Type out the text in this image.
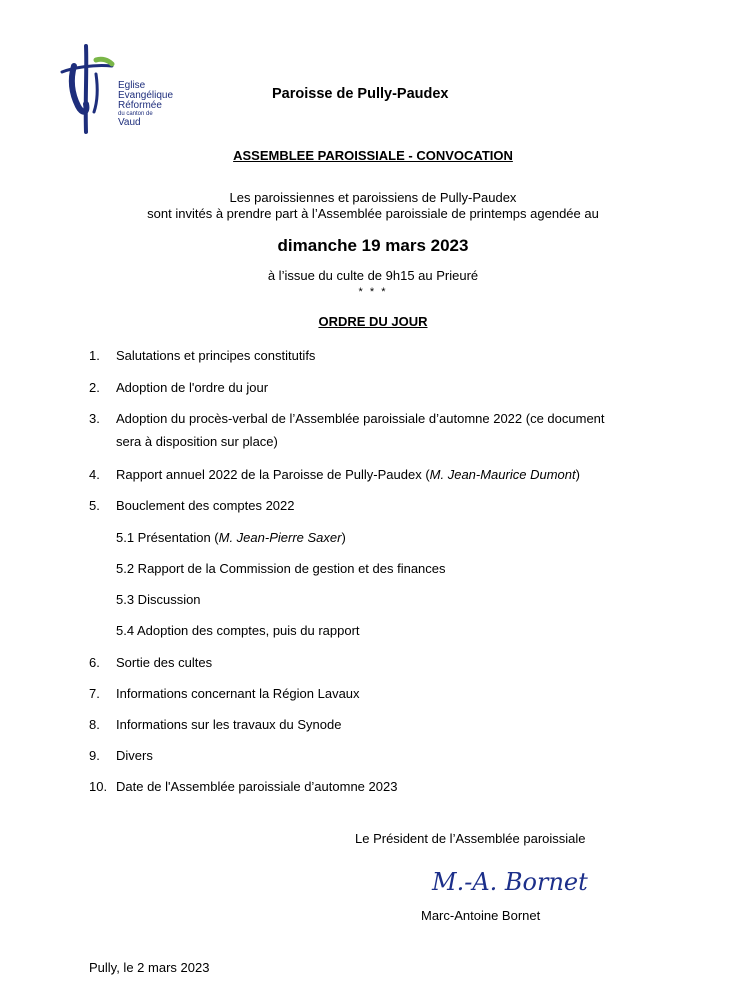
Eglise
Evangélique
Réformée
du canton de
Vaud
Paroisse de Pully-Paudex
ASSEMBLEE PAROISSIALE - CONVOCATION
Les paroissiennes et paroissiens de Pully-Paudex
sont invités à prendre part à l’Assemblée paroissiale de printemps agendée au
dimanche 19 mars 2023
à l’issue du culte de 9h15 au Prieuré
* * *
ORDRE DU JOUR
1. Salutations et principes constitutifs
2. Adoption de l'ordre du jour
3. Adoption du procès-verbal de l’Assemblée paroissiale d’automne 2022 (ce document
sera à disposition sur place)
4. Rapport annuel 2022 de la Paroisse de Pully-Paudex (M. Jean-Maurice Dumont)
5. Bouclement des comptes 2022
5.1 Présentation (M. Jean-Pierre Saxer)
5.2 Rapport de la Commission de gestion et des finances
5.3 Discussion
5.4 Adoption des comptes, puis du rapport
6. Sortie des cultes
7. Informations concernant la Région Lavaux
8. Informations sur les travaux du Synode
9. Divers
10. Date de l'Assemblée paroissiale d’automne 2023
Le Président de l’Assemblée paroissiale
M.-A. Bornet
Marc-Antoine Bornet
Pully, le 2 mars 2023
